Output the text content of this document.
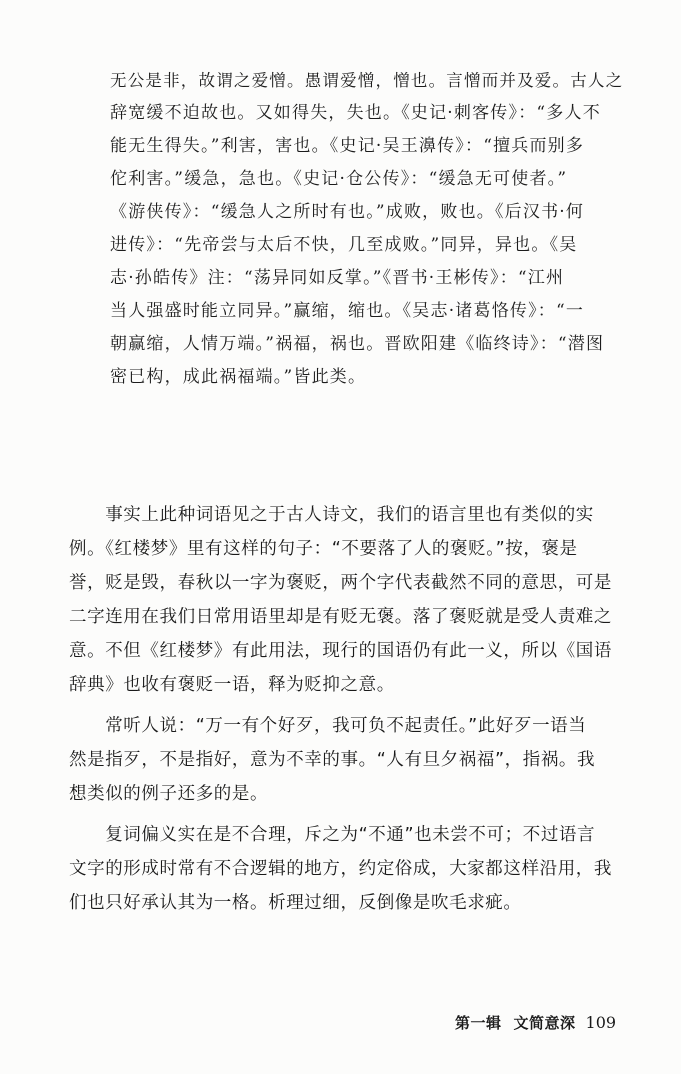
无公是非，故谓之爱憎。愚谓爱憎，憎也。言憎而并及爱。古人之
辞宽缓不迫故也。又如得失，失也。《史记·刺客传》：“多人不
能无生得失。”利害，害也。《史记·吴王濞传》：“擅兵而别多
佗利害。”缓急，急也。《史记·仓公传》：“缓急无可使者。”
《游侠传》：“缓急人之所时有也。”成败，败也。《后汉书·何
进传》：“先帝尝与太后不快，几至成败。”同异，异也。《吴
志·孙皓传》注：“荡异同如反掌。”《晋书·王彬传》：“江州
当人强盛时能立同异。”赢缩，缩也。《吴志·诸葛恪传》：“一
朝赢缩，人情万端。”祸福，祸也。晋欧阳建《临终诗》：“潜图
密已构，成此祸福端。”皆此类。

　　事实上此种词语见之于古人诗文，我们的语言里也有类似的实
例。《红楼梦》里有这样的句子：“不要落了人的褒贬。”按，褒是
誉，贬是毁，春秋以一字为褒贬，两个字代表截然不同的意思，可是
二字连用在我们日常用语里却是有贬无褒。落了褒贬就是受人责难之
意。不但《红楼梦》有此用法，现行的国语仍有此一义，所以《国语
辞典》也收有褒贬一语，释为贬抑之意。

　　常听人说：“万一有个好歹，我可负不起责任。”此好歹一语当
然是指歹，不是指好，意为不幸的事。“人有旦夕祸福”，指祸。我
想类似的例子还多的是。

　　复词偏义实在是不合理，斥之为“不通”也未尝不可；不过语言
文字的形成时常有不合逻辑的地方，约定俗成，大家都这样沿用，我
们也只好承认其为一格。析理过细，反倒像是吹毛求疵。

第一辑 文简意深 109
